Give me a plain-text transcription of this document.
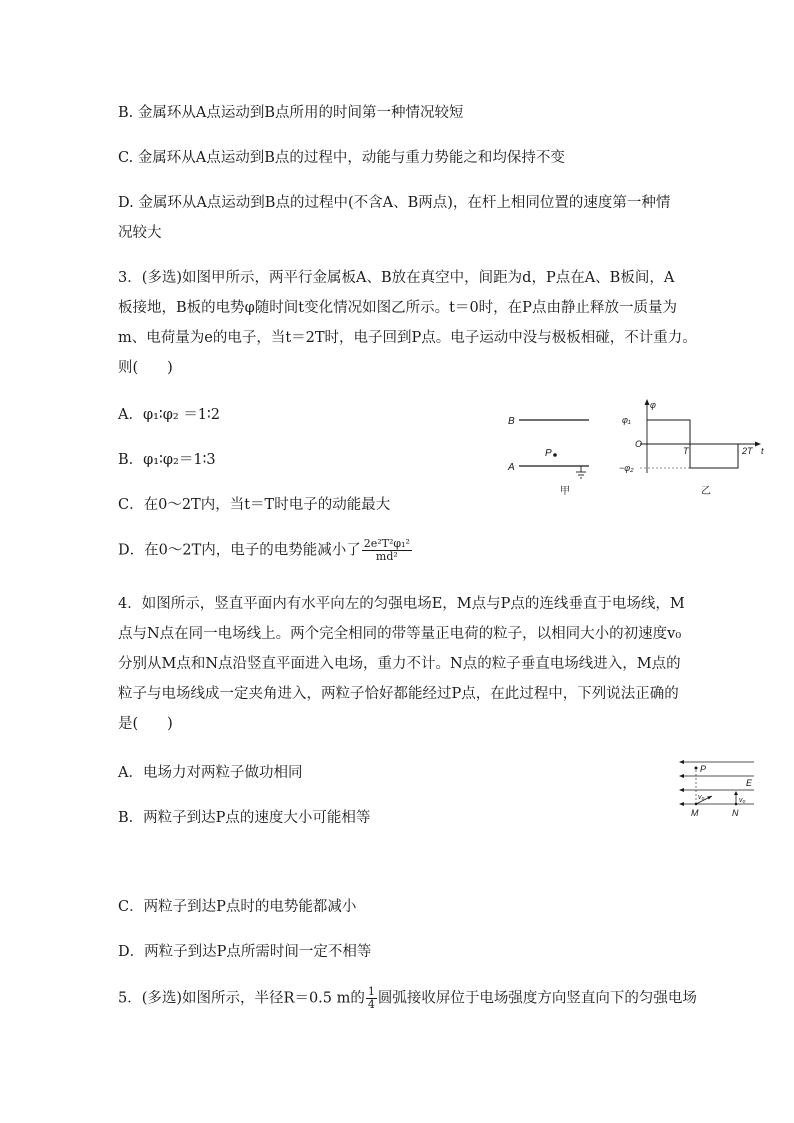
B. 金属环从A点运动到B点所用的时间第一种情况较短
C. 金属环从A点运动到B点的过程中，动能与重力势能之和均保持不变
D. 金属环从A点运动到B点的过程中(不含A、B两点)，在杆上相同位置的速度第一种情
况较大
3．(多选)如图甲所示，两平行金属板A、B放在真空中，间距为d，P点在A、B板间，A
板接地，B板的电势φ随时间t变化情况如图乙所示。t＝0时，在P点由静止释放一质量为
m、电荷量为e的电子，当t＝2T时，电子回到P点。电子运动中没与极板相碰，不计重力。
则(　　)
A．φ₁∶φ₂ ＝1∶2
B．φ₁∶φ₂＝1∶3
C．在0～2T内，当t＝T时电子的动能最大
D．在0～2T内，电子的电势能减小了 $\frac{\text{2e²T²φ₁²}}{\text{md²}}$
B
A
P
甲
φ
t
O
φ₁
−φ₂
T	2T
乙
4．如图所示，竖直平面内有水平向左的匀强电场E，M点与P点的连线垂直于电场线，M
点与N点在同一电场线上。两个完全相同的带等量正电荷的粒子，以相同大小的初速度v₀
分别从M点和N点沿竖直平面进入电场，重力不计。N点的粒子垂直电场线进入，M点的
粒子与电场线成一定夹角进入，两粒子恰好都能经过P点，在此过程中，下列说法正确的
是(　　)
A．电场力对两粒子做功相同
B．两粒子到达P点的速度大小可能相等
C．两粒子到达P点时的电势能都减小
D．两粒子到达P点所需时间一定不相等
P
E
v₀	v₀
M	N
5．(多选)如图所示，半径R＝0.5 m的 $\frac{1}{4}$ 圆弧接收屏位于电场强度方向竖直向下的匀强电场
